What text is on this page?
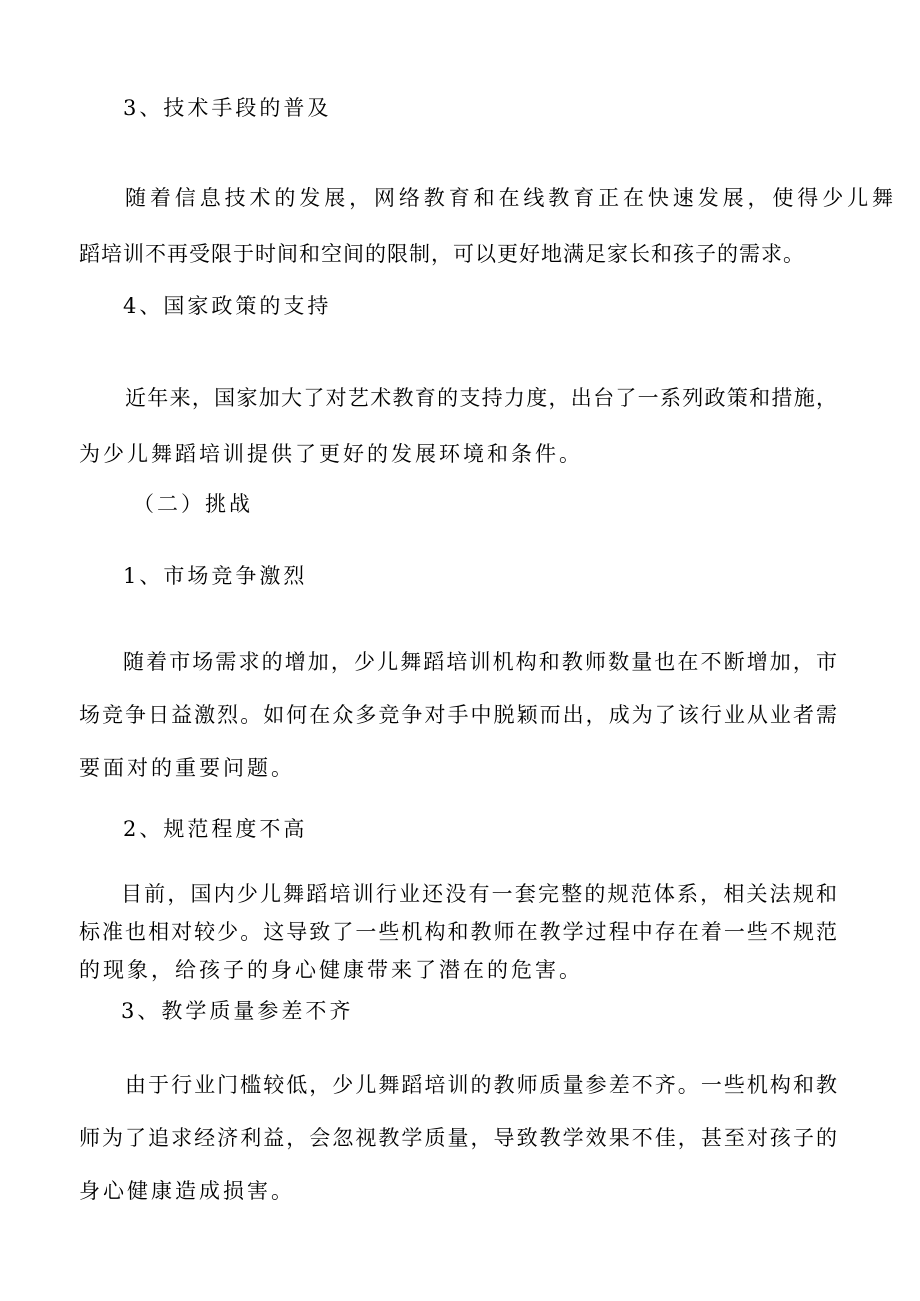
3、技术手段的普及

随着信息技术的发展，网络教育和在线教育正在快速发展，使得少儿舞
蹈培训不再受限于时间和空间的限制，可以更好地满足家长和孩子的需求。

4、国家政策的支持

近年来，国家加大了对艺术教育的支持力度，出台了一系列政策和措施，
为少儿舞蹈培训提供了更好的发展环境和条件。

（二）挑战

1、市场竞争激烈

随着市场需求的增加，少儿舞蹈培训机构和教师数量也在不断增加，市
场竞争日益激烈。如何在众多竞争对手中脱颖而出，成为了该行业从业者需
要面对的重要问题。

2、规范程度不高

目前，国内少儿舞蹈培训行业还没有一套完整的规范体系，相关法规和
标准也相对较少。这导致了一些机构和教师在教学过程中存在着一些不规范
的现象，给孩子的身心健康带来了潜在的危害。

3、教学质量参差不齐

由于行业门槛较低，少儿舞蹈培训的教师质量参差不齐。一些机构和教
师为了追求经济利益，会忽视教学质量，导致教学效果不佳，甚至对孩子的
身心健康造成损害。
